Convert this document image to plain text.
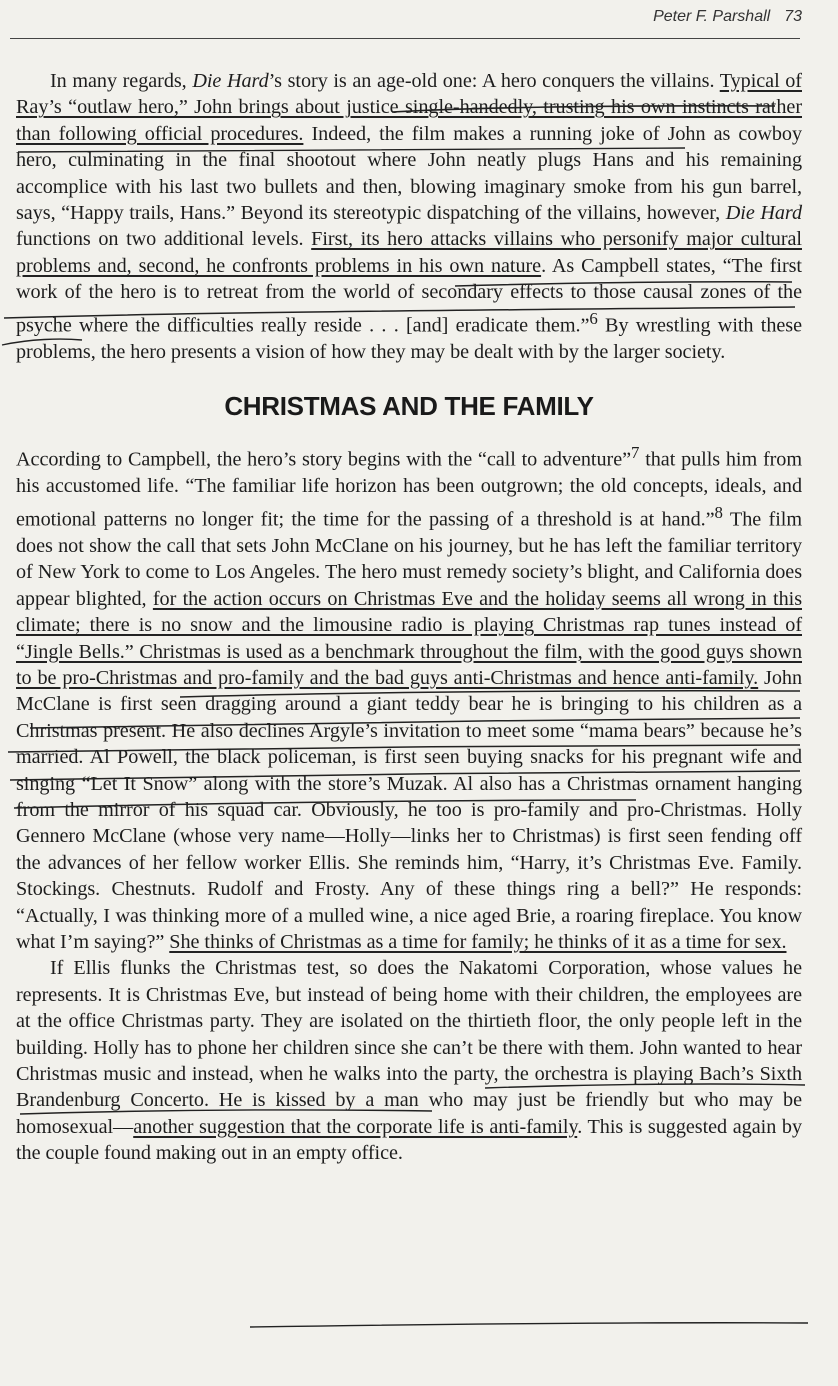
Peter F. Parshall 73

In many regards, Die Hard’s story is an age-old one: A hero conquers the villains. Typical of Ray’s “outlaw hero,” John brings about justice single-handedly, trusting his own instincts rather than following official procedures. Indeed, the film makes a running joke of John as cowboy hero, culminating in the final shootout where John neatly plugs Hans and his remaining accomplice with his last two bullets and then, blowing imaginary smoke from his gun barrel, says, “Happy trails, Hans.” Beyond its stereotypic dispatching of the villains, however, Die Hard functions on two additional levels. First, its hero attacks villains who personify major cultural problems and, second, he confronts problems in his own nature. As Campbell states, “The first work of the hero is to retreat from the world of secondary effects to those causal zones of the psyche where the difficulties really reside . . . [and] eradicate them.”$^6$ By wrestling with these problems, the hero presents a vision of how they may be dealt with by the larger society.

CHRISTMAS AND THE FAMILY

According to Campbell, the hero’s story begins with the “call to adventure”$^7$ that pulls him from his accustomed life. “The familiar life horizon has been outgrown; the old concepts, ideals, and emotional patterns no longer fit; the time for the passing of a threshold is at hand.”$^8$ The film does not show the call that sets John McClane on his journey, but he has left the familiar territory of New York to come to Los Angeles. The hero must remedy society’s blight, and California does appear blighted, for the action occurs on Christmas Eve and the holiday seems all wrong in this climate; there is no snow and the limousine radio is playing Christmas rap tunes instead of “Jingle Bells.” Christmas is used as a benchmark throughout the film, with the good guys shown to be pro-Christmas and pro-family and the bad guys anti-Christmas and hence anti-family. John McClane is first seen dragging around a giant teddy bear he is bringing to his children as a Christmas present. He also declines Argyle’s invitation to meet some “mama bears” because he’s married. Al Powell, the black policeman, is first seen buying snacks for his pregnant wife and singing “Let It Snow” along with the store’s Muzak. Al also has a Christmas ornament hanging from the mirror of his squad car. Obviously, he too is pro-family and pro-Christmas. Holly Gennero McClane (whose very name—Holly—links her to Christmas) is first seen fending off the advances of her fellow worker Ellis. She reminds him, “Harry, it’s Christmas Eve. Family. Stockings. Chestnuts. Rudolf and Frosty. Any of these things ring a bell?” He responds: “Actually, I was thinking more of a mulled wine, a nice aged Brie, a roaring fireplace. You know what I’m saying?” She thinks of Christmas as a time for family; he thinks of it as a time for sex.

If Ellis flunks the Christmas test, so does the Nakatomi Corporation, whose values he represents. It is Christmas Eve, but instead of being home with their children, the employees are at the office Christmas party. They are isolated on the thirtieth floor, the only people left in the building. Holly has to phone her children since she can’t be there with them. John wanted to hear Christmas music and instead, when he walks into the party, the orchestra is playing Bach’s Sixth Brandenburg Concerto. He is kissed by a man who may just be friendly but who may be homosexual—another suggestion that the corporate life is anti-family. This is suggested again by the couple found making out in an empty office.
